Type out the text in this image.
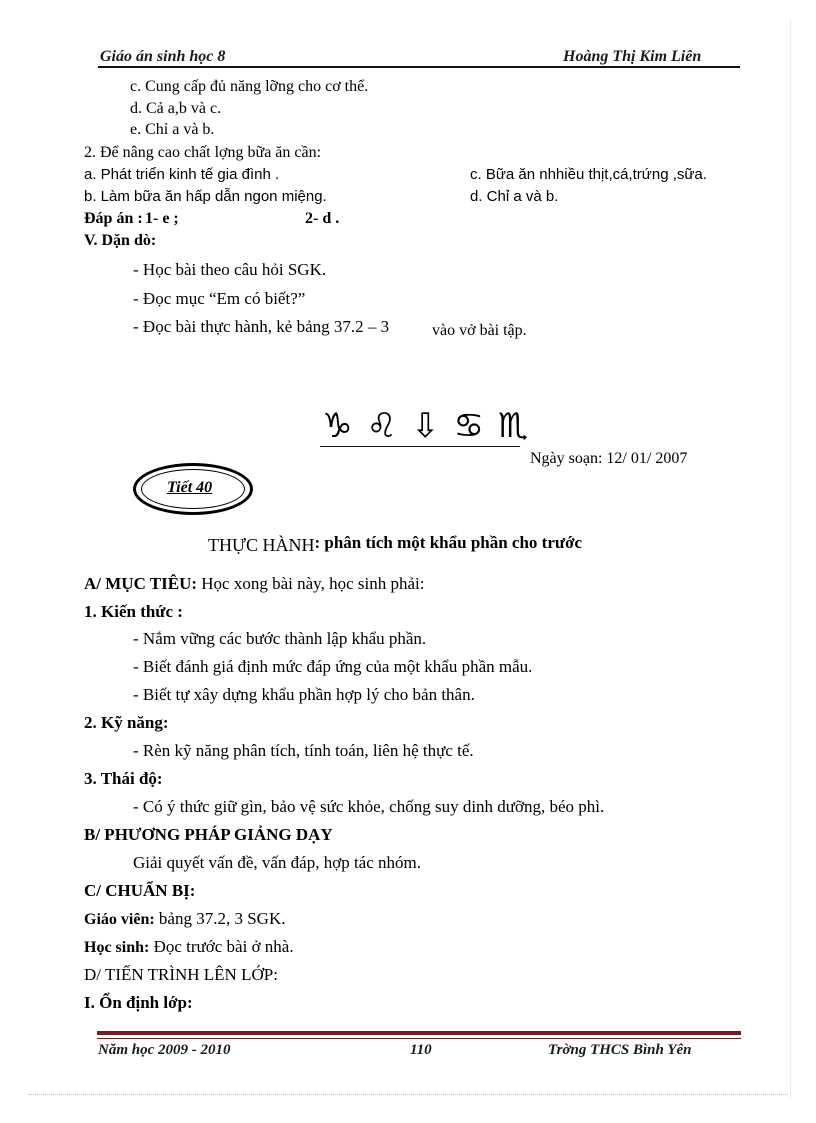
Giáo án sinh học 8	Hoàng Thị Kim Liên
c. Cung cấp đủ năng lỡng cho cơ thể.
d. Cả a,b và c.
e. Chỉ a và b.
2. Để nâng cao chất lợng bữa ăn cần:
a. Phát triển kinh tế gia đình .	c. Bữa ăn nhhiều thịt,cá,trứng ,sữa.
b. Làm bữa ăn hấp dẫn ngon miệng.	d. Chỉ a và b.
Đáp án : 1- e ;	2- d .
V. Dặn dò:
- Học bài theo câu hỏi SGK.
- Đọc mục “Em có biết?”
- Đọc bài thực hành, kẻ bảng 37.2 – 3	vào vở bài tập.
♑♌⇩♋♏
Ngày soạn: 12/ 01/ 2007
Tiết 40
THỰC HÀNH: phân tích một khẩu phần cho trước
A/ MỤC TIÊU: Học xong bài này, học sinh phải:
1. Kiến thức :
- Nắm vững các bước thành lập khẩu phần.
- Biết đánh giá định mức đáp ứng của một khẩu phần mẫu.
- Biết tự xây dựng khẩu phần hợp lý cho bản thân.
2. Kỹ năng:
- Rèn kỹ năng phân tích, tính toán, liên hệ thực tế.
3. Thái độ:
- Có ý thức giữ gìn, bảo vệ sức khỏe, chống suy dinh dưỡng, béo phì.
B/ PHƯƠNG PHÁP GIẢNG DẠY
Giải quyết vấn đề, vấn đáp, hợp tác nhóm.
C/ CHUẨN BỊ:
Giáo viên: bảng 37.2, 3 SGK.
Học sinh: Đọc trước bài ở nhà.
D/ TIẾN TRÌNH LÊN LỚP:
I. Ổn định lớp:
Năm học 2009 - 2010	110	Trờng THCS Bình Yên
